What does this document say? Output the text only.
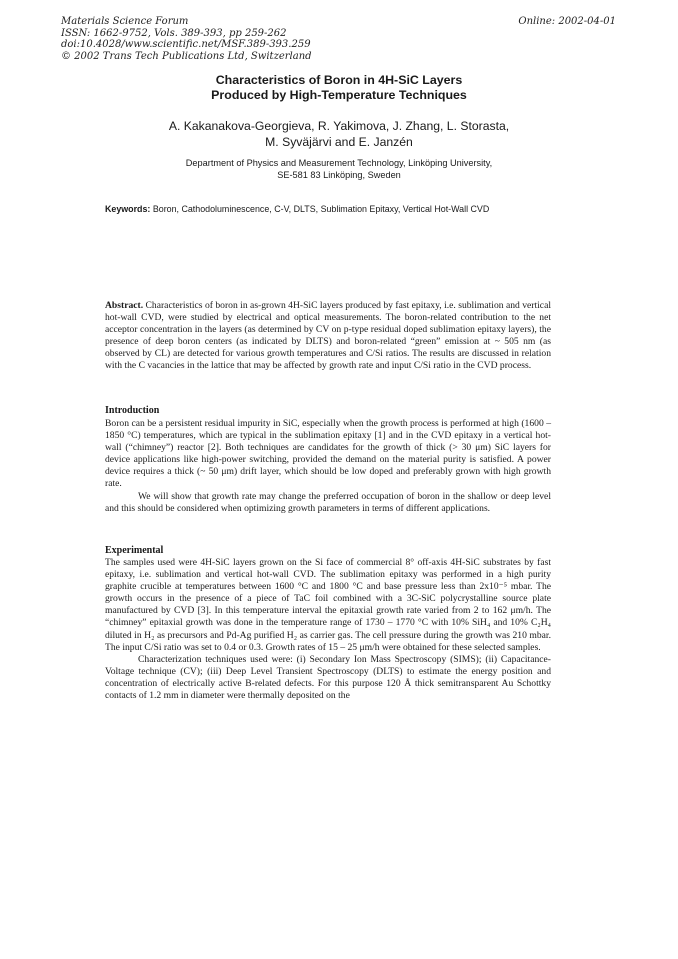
Materials Science Forum
ISSN: 1662-9752, Vols. 389-393, pp 259-262
doi:10.4028/www.scientific.net/MSF.389-393.259
© 2002 Trans Tech Publications Ltd, Switzerland
Online: 2002-04-01
Characteristics of Boron in 4H-SiC Layers
Produced by High-Temperature Techniques
A. Kakanakova-Georgieva, R. Yakimova, J. Zhang, L. Storasta,
M. Syväjärvi and E. Janzén
Department of Physics and Measurement Technology, Linköping University,
SE-581 83 Linköping, Sweden
Keywords: Boron, Cathodoluminescence, C-V, DLTS, Sublimation Epitaxy, Vertical Hot-Wall CVD
Abstract. Characteristics of boron in as-grown 4H-SiC layers produced by fast epitaxy, i.e. sublimation and vertical hot-wall CVD, were studied by electrical and optical measurements. The boron-related contribution to the net acceptor concentration in the layers (as determined by CV on p-type residual doped sublimation epitaxy layers), the presence of deep boron centers (as indicated by DLTS) and boron-related “green” emission at ~ 505 nm (as observed by CL) are detected for various growth temperatures and C/Si ratios. The results are discussed in relation with the C vacancies in the lattice that may be affected by growth rate and input C/Si ratio in the CVD process.
Introduction
Boron can be a persistent residual impurity in SiC, especially when the growth process is performed at high (1600 – 1850 °C) temperatures, which are typical in the sublimation epitaxy [1] and in the CVD epitaxy in a vertical hot-wall (“chimney”) reactor [2]. Both techniques are candidates for the growth of thick (> 30 μm) SiC layers for device applications like high-power switching, provided the demand on the material purity is satisfied. A power device requires a thick (~ 50 μm) drift layer, which should be low doped and preferably grown with high growth rate.
We will show that growth rate may change the preferred occupation of boron in the shallow or deep level and this should be considered when optimizing growth parameters in terms of different applications.
Experimental
The samples used were 4H-SiC layers grown on the Si face of commercial 8° off-axis 4H-SiC substrates by fast epitaxy, i.e. sublimation and vertical hot-wall CVD. The sublimation epitaxy was performed in a high purity graphite crucible at temperatures between 1600 °C and 1800 °C and base pressure less than 2x10⁻⁵ mbar. The growth occurs in the presence of a piece of TaC foil combined with a 3C-SiC polycrystalline source plate manufactured by CVD [3]. In this temperature interval the epitaxial growth rate varied from 2 to 162 μm/h. The “chimney” epitaxial growth was done in the temperature range of 1730 – 1770 °C with 10% SiH₄ and 10% C₂H₄ diluted in H₂ as precursors and Pd-Ag purified H₂ as carrier gas. The cell pressure during the growth was 210 mbar. The input C/Si ratio was set to 0.4 or 0.3. Growth rates of 15 – 25 μm/h were obtained for these selected samples.
Characterization techniques used were: (i) Secondary Ion Mass Spectroscopy (SIMS); (ii) Capacitance-Voltage technique (CV); (iii) Deep Level Transient Spectroscopy (DLTS) to estimate the energy position and concentration of electrically active B-related defects. For this purpose 120 Å thick semitransparent Au Schottky contacts of 1.2 mm in diameter were thermally deposited on the
